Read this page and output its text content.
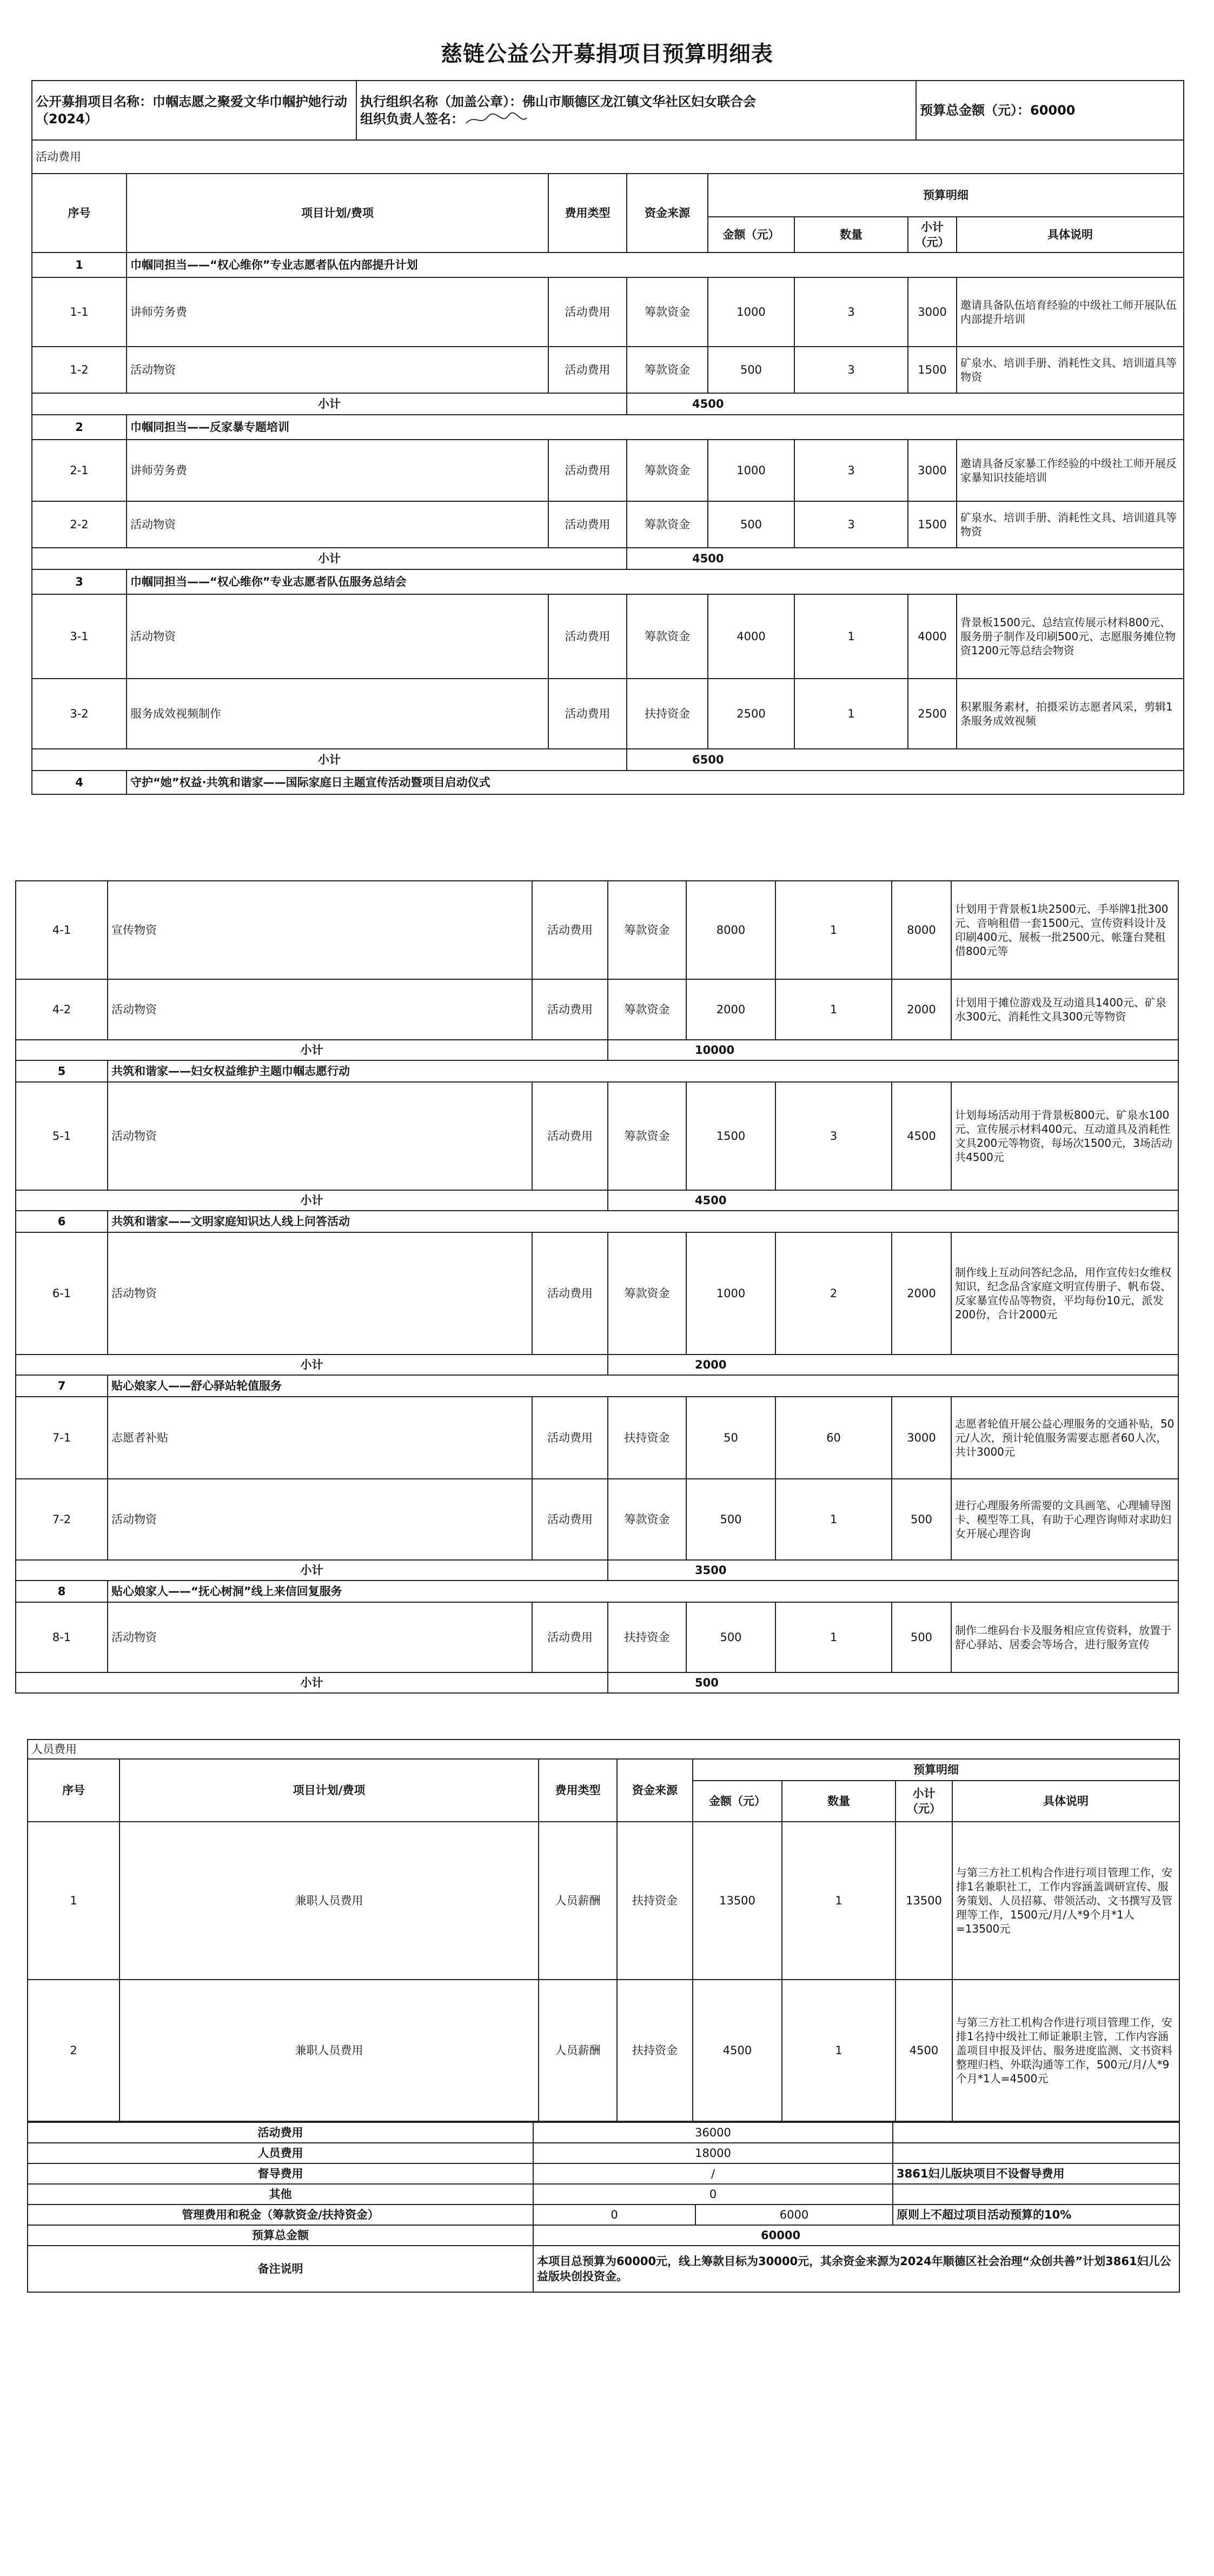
慈链公益公开募捐项目预算明细表
公开募捐项目名称：巾帼志愿之聚爱文华巾帼护她行动（2024）	
执行组织名称（加盖公章）：佛山市顺德区龙江镇文华社区妇女联合会
组织负责人签名：
	预算总金额（元）：60000
活动费用							
序号	项目计划/费项	费用类型	资金来源	预算明细			
				金额（元）	数量	小计（元）	具体说明
1	巾帼同担当——“权心维你”专业志愿者队伍内部提升计划						
1-1	讲师劳务费	活动费用	筹款资金	1000	3	3000	邀请具备队伍培育经验的中级社工师开展队伍内部提升培训
1-2	活动物资	活动费用	筹款资金	500	3	1500	矿泉水、培训手册、消耗性文具、培训道具等物资
小计			4500				
2	巾帼同担当——反家暴专题培训						
2-1	讲师劳务费	活动费用	筹款资金	1000	3	3000	邀请具备反家暴工作经验的中级社工师开展反家暴知识技能培训
2-2	活动物资	活动费用	筹款资金	500	3	1500	矿泉水、培训手册、消耗性文具、培训道具等物资
小计			4500				
3	巾帼同担当——“权心维你”专业志愿者队伍服务总结会						
3-1	活动物资	活动费用	筹款资金	4000	1	4000	背景板1500元、总结宣传展示材料800元、服务册子制作及印刷500元、志愿服务摊位物资1200元等总结会物资
3-2	服务成效视频制作	活动费用	扶持资金	2500	1	2500	积累服务素材，拍摄采访志愿者风采，剪辑1条服务成效视频
小计			6500				
4	守护“她”权益·共筑和谐家——国际家庭日主题宣传活动暨项目启动仪式						
4-1	宣传物资	活动费用	筹款资金	8000	1	8000	计划用于背景板1块2500元、手举牌1批300元、音响租借一套1500元、宣传资料设计及印刷400元、展板一批2500元、帐篷台凳租借800元等
4-2	活动物资	活动费用	筹款资金	2000	1	2000	计划用于摊位游戏及互动道具1400元、矿泉水300元、消耗性文具300元等物资
小计			10000				
5	共筑和谐家——妇女权益维护主题巾帼志愿行动						
5-1	活动物资	活动费用	筹款资金	1500	3	4500	计划每场活动用于背景板800元、矿泉水100元、宣传展示材料400元、互动道具及消耗性文具200元等物资，每场次1500元，3场活动共4500元
小计			4500				
6	共筑和谐家——文明家庭知识达人线上问答活动						
6-1	活动物资	活动费用	筹款资金	1000	2	2000	制作线上互动问答纪念品，用作宣传妇女维权知识，纪念品含家庭文明宣传册子、帆布袋、反家暴宣传品等物资，平均每份10元，派发200份，合计2000元
小计			2000				
7	贴心娘家人——舒心驿站轮值服务						
7-1	志愿者补贴	活动费用	扶持资金	50	60	3000	志愿者轮值开展公益心理服务的交通补贴，50元/人次，预计轮值服务需要志愿者60人次，共计3000元
7-2	活动物资	活动费用	筹款资金	500	1	500	进行心理服务所需要的文具画笔、心理辅导图卡、模型等工具，有助于心理咨询师对求助妇女开展心理咨询
小计			3500				
8	贴心娘家人——“抚心树洞”线上来信回复服务						
8-1	活动物资	活动费用	扶持资金	500	1	500	制作二维码台卡及服务相应宣传资料，放置于舒心驿站、居委会等场合，进行服务宣传
小计			500				
人员费用							
序号	项目计划/费项	费用类型	资金来源	预算明细			
				金额（元）	数量	小计（元）	具体说明
1	兼职人员费用	人员薪酬	扶持资金	13500	1	13500	与第三方社工机构合作进行项目管理工作，安排1名兼职社工，工作内容涵盖调研宣传、服务策划、人员招募、带领活动、文书撰写及管理等工作，1500元/月/人*9个月*1人=13500元
2	兼职人员费用	人员薪酬	扶持资金	4500	1	4500	与第三方社工机构合作进行项目管理工作，安排1名持中级社工师证兼职主管，工作内容涵盖项目申报及评估、服务进度监测、文书资料整理归档、外联沟通等工作，500元/月/人*9个月*1人=4500元
活动费用	36000		
人员费用	18000		
督导费用	/		3861妇儿版块项目不设督导费用
其他	0		
管理费用和税金（筹款资金/扶持资金）	0	6000	原则上不超过项目活动预算的10%
预算总金额	60000		
备注说明	本项目总预算为60000元，线上筹款目标为30000元，其余资金来源为2024年顺德区社会治理“众创共善”计划3861妇儿公益版块创投资金。		
